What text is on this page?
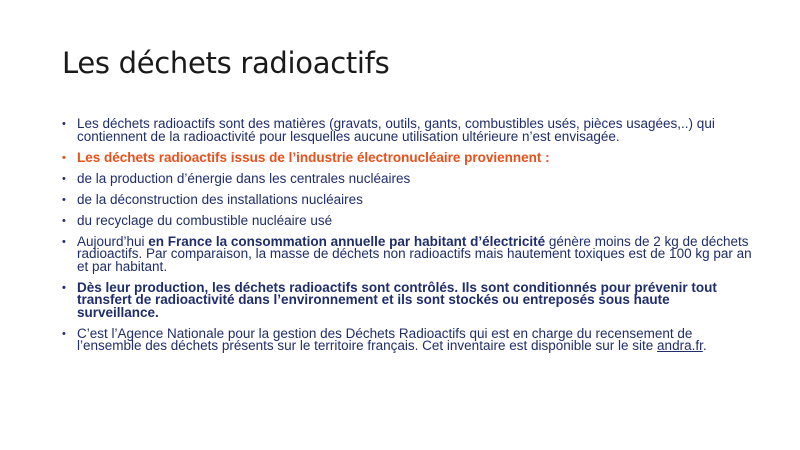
Les déchets radioactifs
• Les déchets radioactifs sont des matières (gravats, outils, gants, combustibles usés, pièces usagées,..) qui contiennent de la radioactivité pour lesquelles aucune utilisation ultérieure n’est envisagée.
• Les déchets radioactifs issus de l’industrie électronucléaire proviennent :
• de la production d’énergie dans les centrales nucléaires
• de la déconstruction des installations nucléaires
• du recyclage du combustible nucléaire usé
• Aujourd’hui en France la consommation annuelle par habitant d’électricité génère moins de 2 kg de déchets radioactifs. Par comparaison, la masse de déchets non radioactifs mais hautement toxiques est de 100 kg par an et par habitant.
• Dès leur production, les déchets radioactifs sont contrôlés. Ils sont conditionnés pour prévenir tout transfert de radioactivité dans l’environnement et ils sont stockés ou entreposés sous haute surveillance.
• C’est l’Agence Nationale pour la gestion des Déchets Radioactifs qui est en charge du recensement de l’ensemble des déchets présents sur le territoire français. Cet inventaire est disponible sur le site andra.fr.
